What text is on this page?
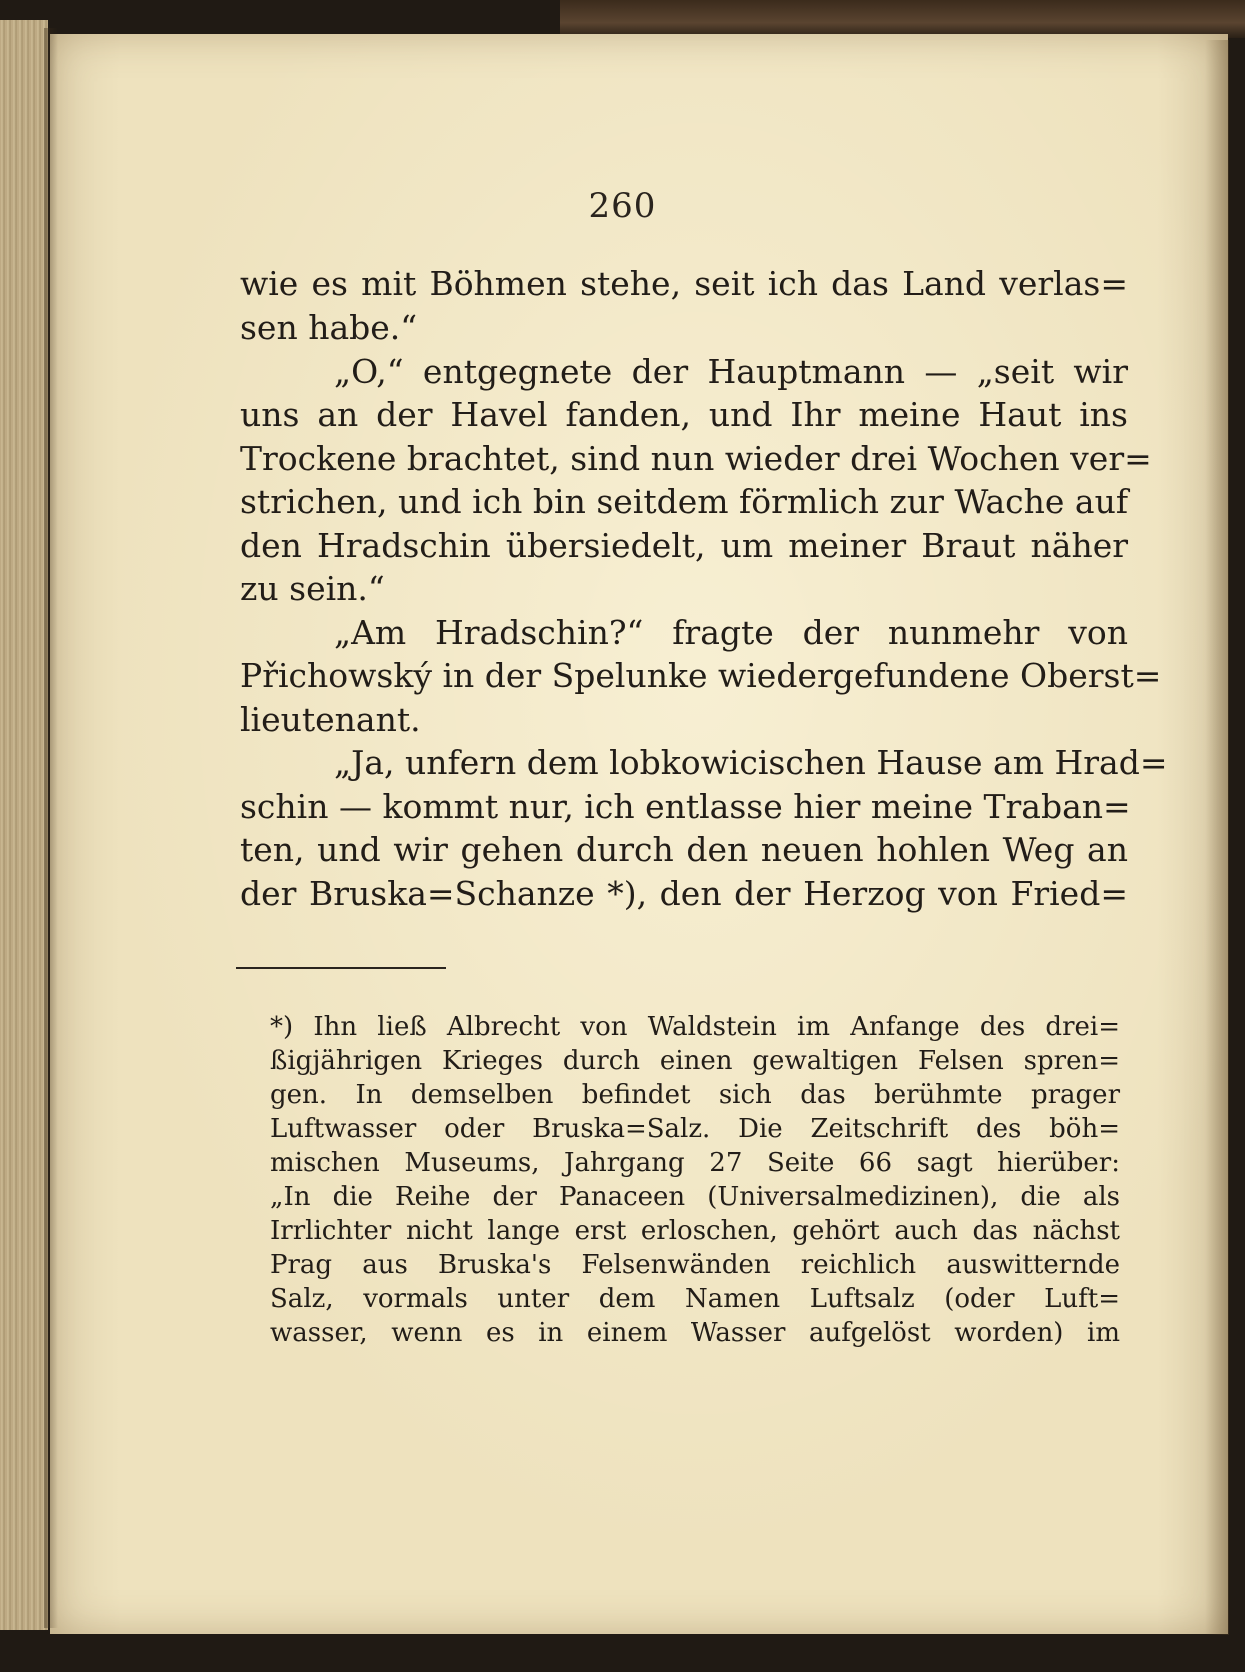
260

wie es mit Böhmen stehe, seit ich das Land verlas=

sen habe.“

„O,“ entgegnete der Hauptmann — „seit wir

uns an der Havel fanden, und Ihr meine Haut ins

Trockene brachtet, sind nun wieder drei Wochen ver=

strichen, und ich bin seitdem förmlich zur Wache auf

den Hradschin übersiedelt, um meiner Braut näher

zu sein.“

„Am Hradschin?“ fragte der nunmehr von

Přichowský in der Spelunke wiedergefundene Oberst=

lieutenant.

„Ja, unfern dem lobkowicischen Hause am Hrad=

schin — kommt nur, ich entlasse hier meine Traban=

ten, und wir gehen durch den neuen hohlen Weg an

der Bruska=Schanze *), den der Herzog von Fried=

*) Ihn ließ Albrecht von Waldstein im Anfange des drei=

ßigjährigen Krieges durch einen gewaltigen Felsen spren=

gen. In demselben befindet sich das berühmte prager

Luftwasser oder Bruska=Salz. Die Zeitschrift des böh=

mischen Museums, Jahrgang 27 Seite 66 sagt hierüber:

„In die Reihe der Panaceen (Universalmedizinen), die als

Irrlichter nicht lange erst erloschen, gehört auch das nächst

Prag aus Bruska's Felsenwänden reichlich auswitternde

Salz, vormals unter dem Namen Luftsalz (oder Luft=

wasser, wenn es in einem Wasser aufgelöst worden) im
